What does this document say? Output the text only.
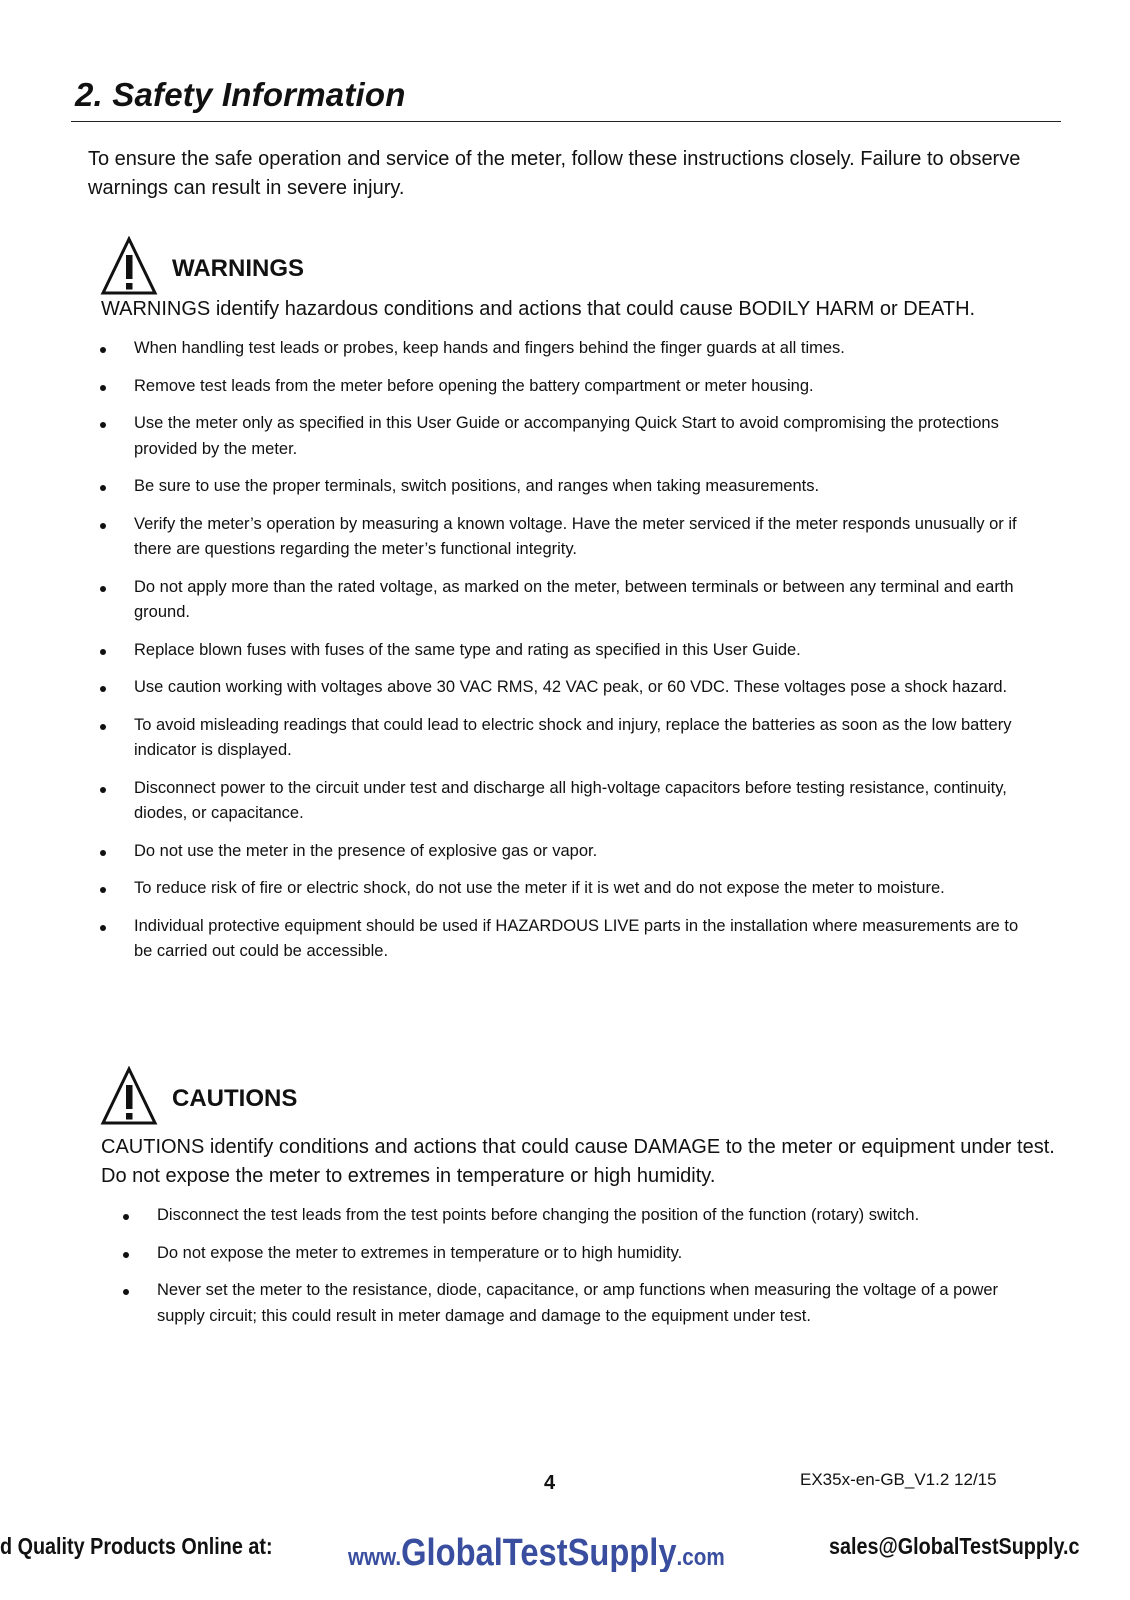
2. Safety Information

To ensure the safe operation and service of the meter, follow these instructions closely. Failure to observe warnings can result in severe injury.

WARNINGS

WARNINGS identify hazardous conditions and actions that could cause BODILY HARM or DEATH.

When handling test leads or probes, keep hands and fingers behind the finger guards at all times.
Remove test leads from the meter before opening the battery compartment or meter housing.
Use the meter only as specified in this User Guide or accompanying Quick Start to avoid compromising the protections provided by the meter.
Be sure to use the proper terminals, switch positions, and ranges when taking measurements.
Verify the meter’s operation by measuring a known voltage. Have the meter serviced if the meter responds unusually or if there are questions regarding the meter’s functional integrity.
Do not apply more than the rated voltage, as marked on the meter, between terminals or between any terminal and earth ground.
Replace blown fuses with fuses of the same type and rating as specified in this User Guide.
Use caution working with voltages above 30 VAC RMS, 42 VAC peak, or 60 VDC. These voltages pose a shock hazard.
To avoid misleading readings that could lead to electric shock and injury, replace the batteries as soon as the low battery indicator is displayed.
Disconnect power to the circuit under test and discharge all high-voltage capacitors before testing resistance, continuity, diodes, or capacitance.
Do not use the meter in the presence of explosive gas or vapor.
To reduce risk of fire or electric shock, do not use the meter if it is wet and do not expose the meter to moisture.
Individual protective equipment should be used if HAZARDOUS LIVE parts in the installation where measurements are to be carried out could be accessible.
CAUTIONS

CAUTIONS identify conditions and actions that could cause DAMAGE to the meter or equipment under test. Do not expose the meter to extremes in temperature or high humidity.

Disconnect the test leads from the test points before changing the position of the function (rotary) switch.
Do not expose the meter to extremes in temperature or to high humidity.
Never set the meter to the resistance, diode, capacitance, or amp functions when measuring the voltage of a power supply circuit; this could result in meter damage and damage to the equipment under test.
4	EX35x-en-GB_V1.2 12/15
d Quality Products Online at:	www.GlobalTestSupply.com	sales@GlobalTestSupply.c
